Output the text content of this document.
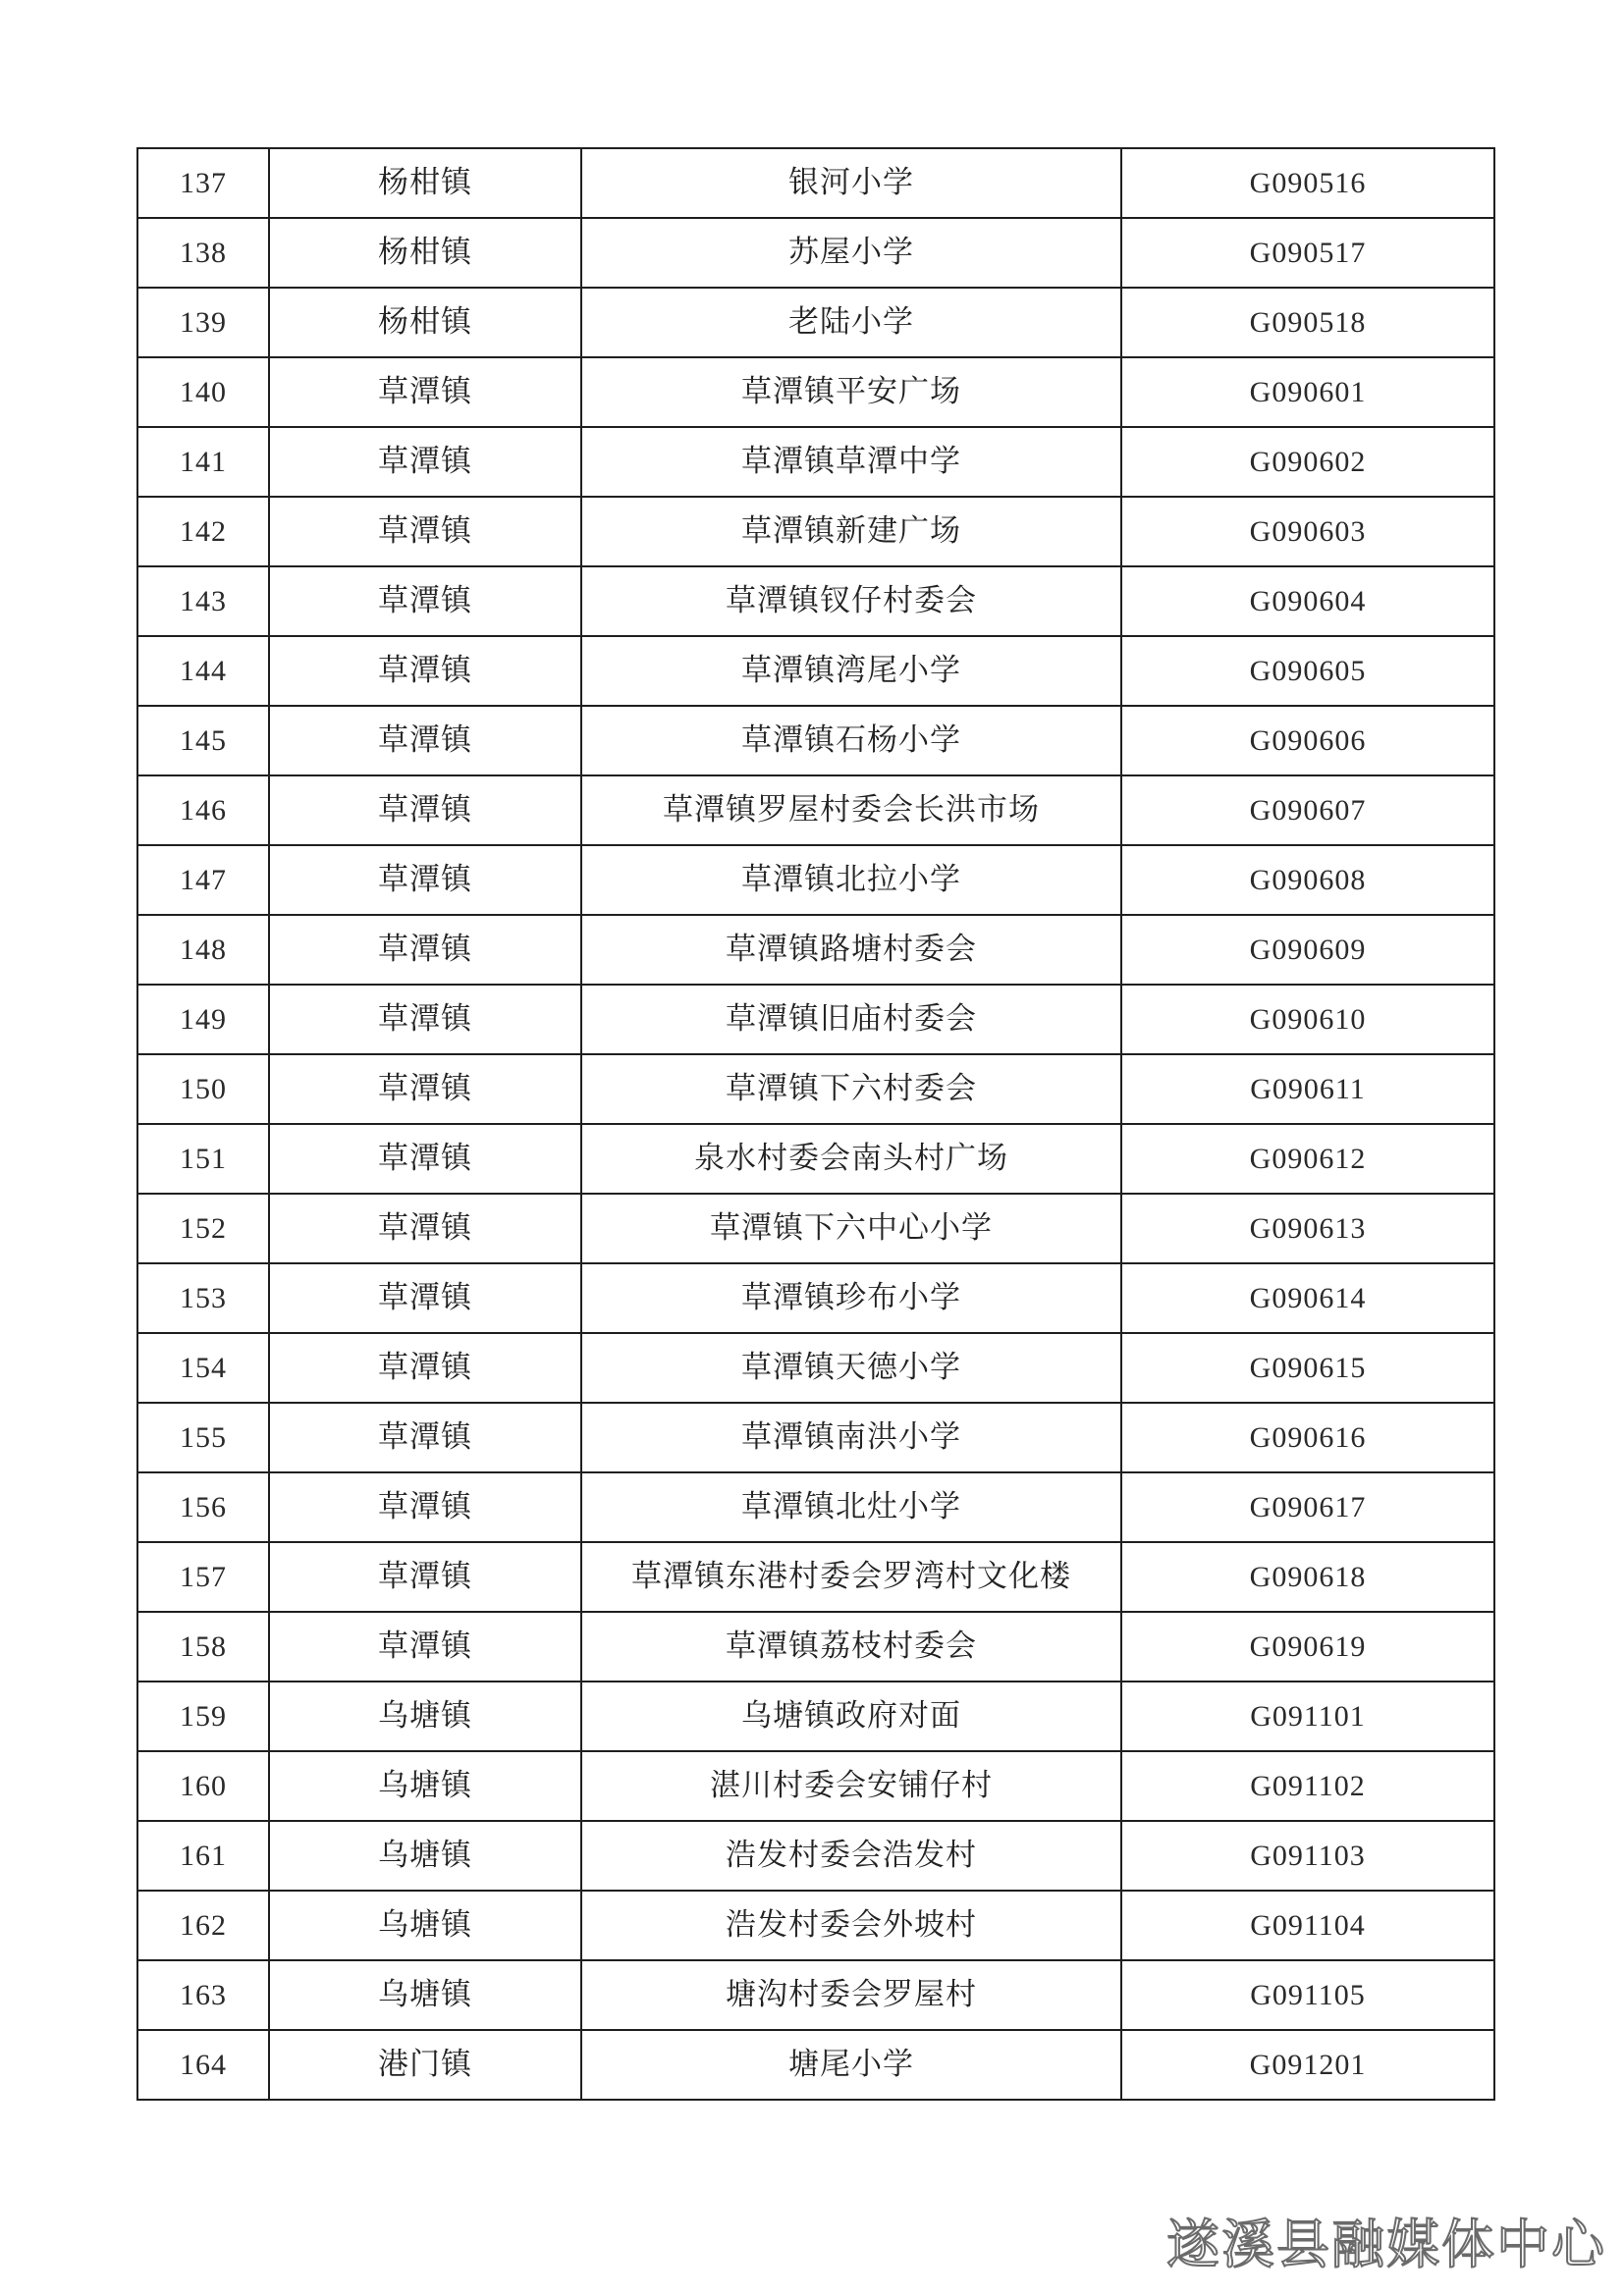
137	杨柑镇	银河小学	G090516
138	杨柑镇	苏屋小学	G090517
139	杨柑镇	老陆小学	G090518
140	草潭镇	草潭镇平安广场	G090601
141	草潭镇	草潭镇草潭中学	G090602
142	草潭镇	草潭镇新建广场	G090603
143	草潭镇	草潭镇钗仔村委会	G090604
144	草潭镇	草潭镇湾尾小学	G090605
145	草潭镇	草潭镇石杨小学	G090606
146	草潭镇	草潭镇罗屋村委会长洪市场	G090607
147	草潭镇	草潭镇北拉小学	G090608
148	草潭镇	草潭镇路塘村委会	G090609
149	草潭镇	草潭镇旧庙村委会	G090610
150	草潭镇	草潭镇下六村委会	G090611
151	草潭镇	泉水村委会南头村广场	G090612
152	草潭镇	草潭镇下六中心小学	G090613
153	草潭镇	草潭镇珍布小学	G090614
154	草潭镇	草潭镇天德小学	G090615
155	草潭镇	草潭镇南洪小学	G090616
156	草潭镇	草潭镇北灶小学	G090617
157	草潭镇	草潭镇东港村委会罗湾村文化楼	G090618
158	草潭镇	草潭镇荔枝村委会	G090619
159	乌塘镇	乌塘镇政府对面	G091101
160	乌塘镇	湛川村委会安铺仔村	G091102
161	乌塘镇	浩发村委会浩发村	G091103
162	乌塘镇	浩发村委会外坡村	G091104
163	乌塘镇	塘沟村委会罗屋村	G091105
164	港门镇	塘尾小学	G091201
遂溪县融媒体中心
